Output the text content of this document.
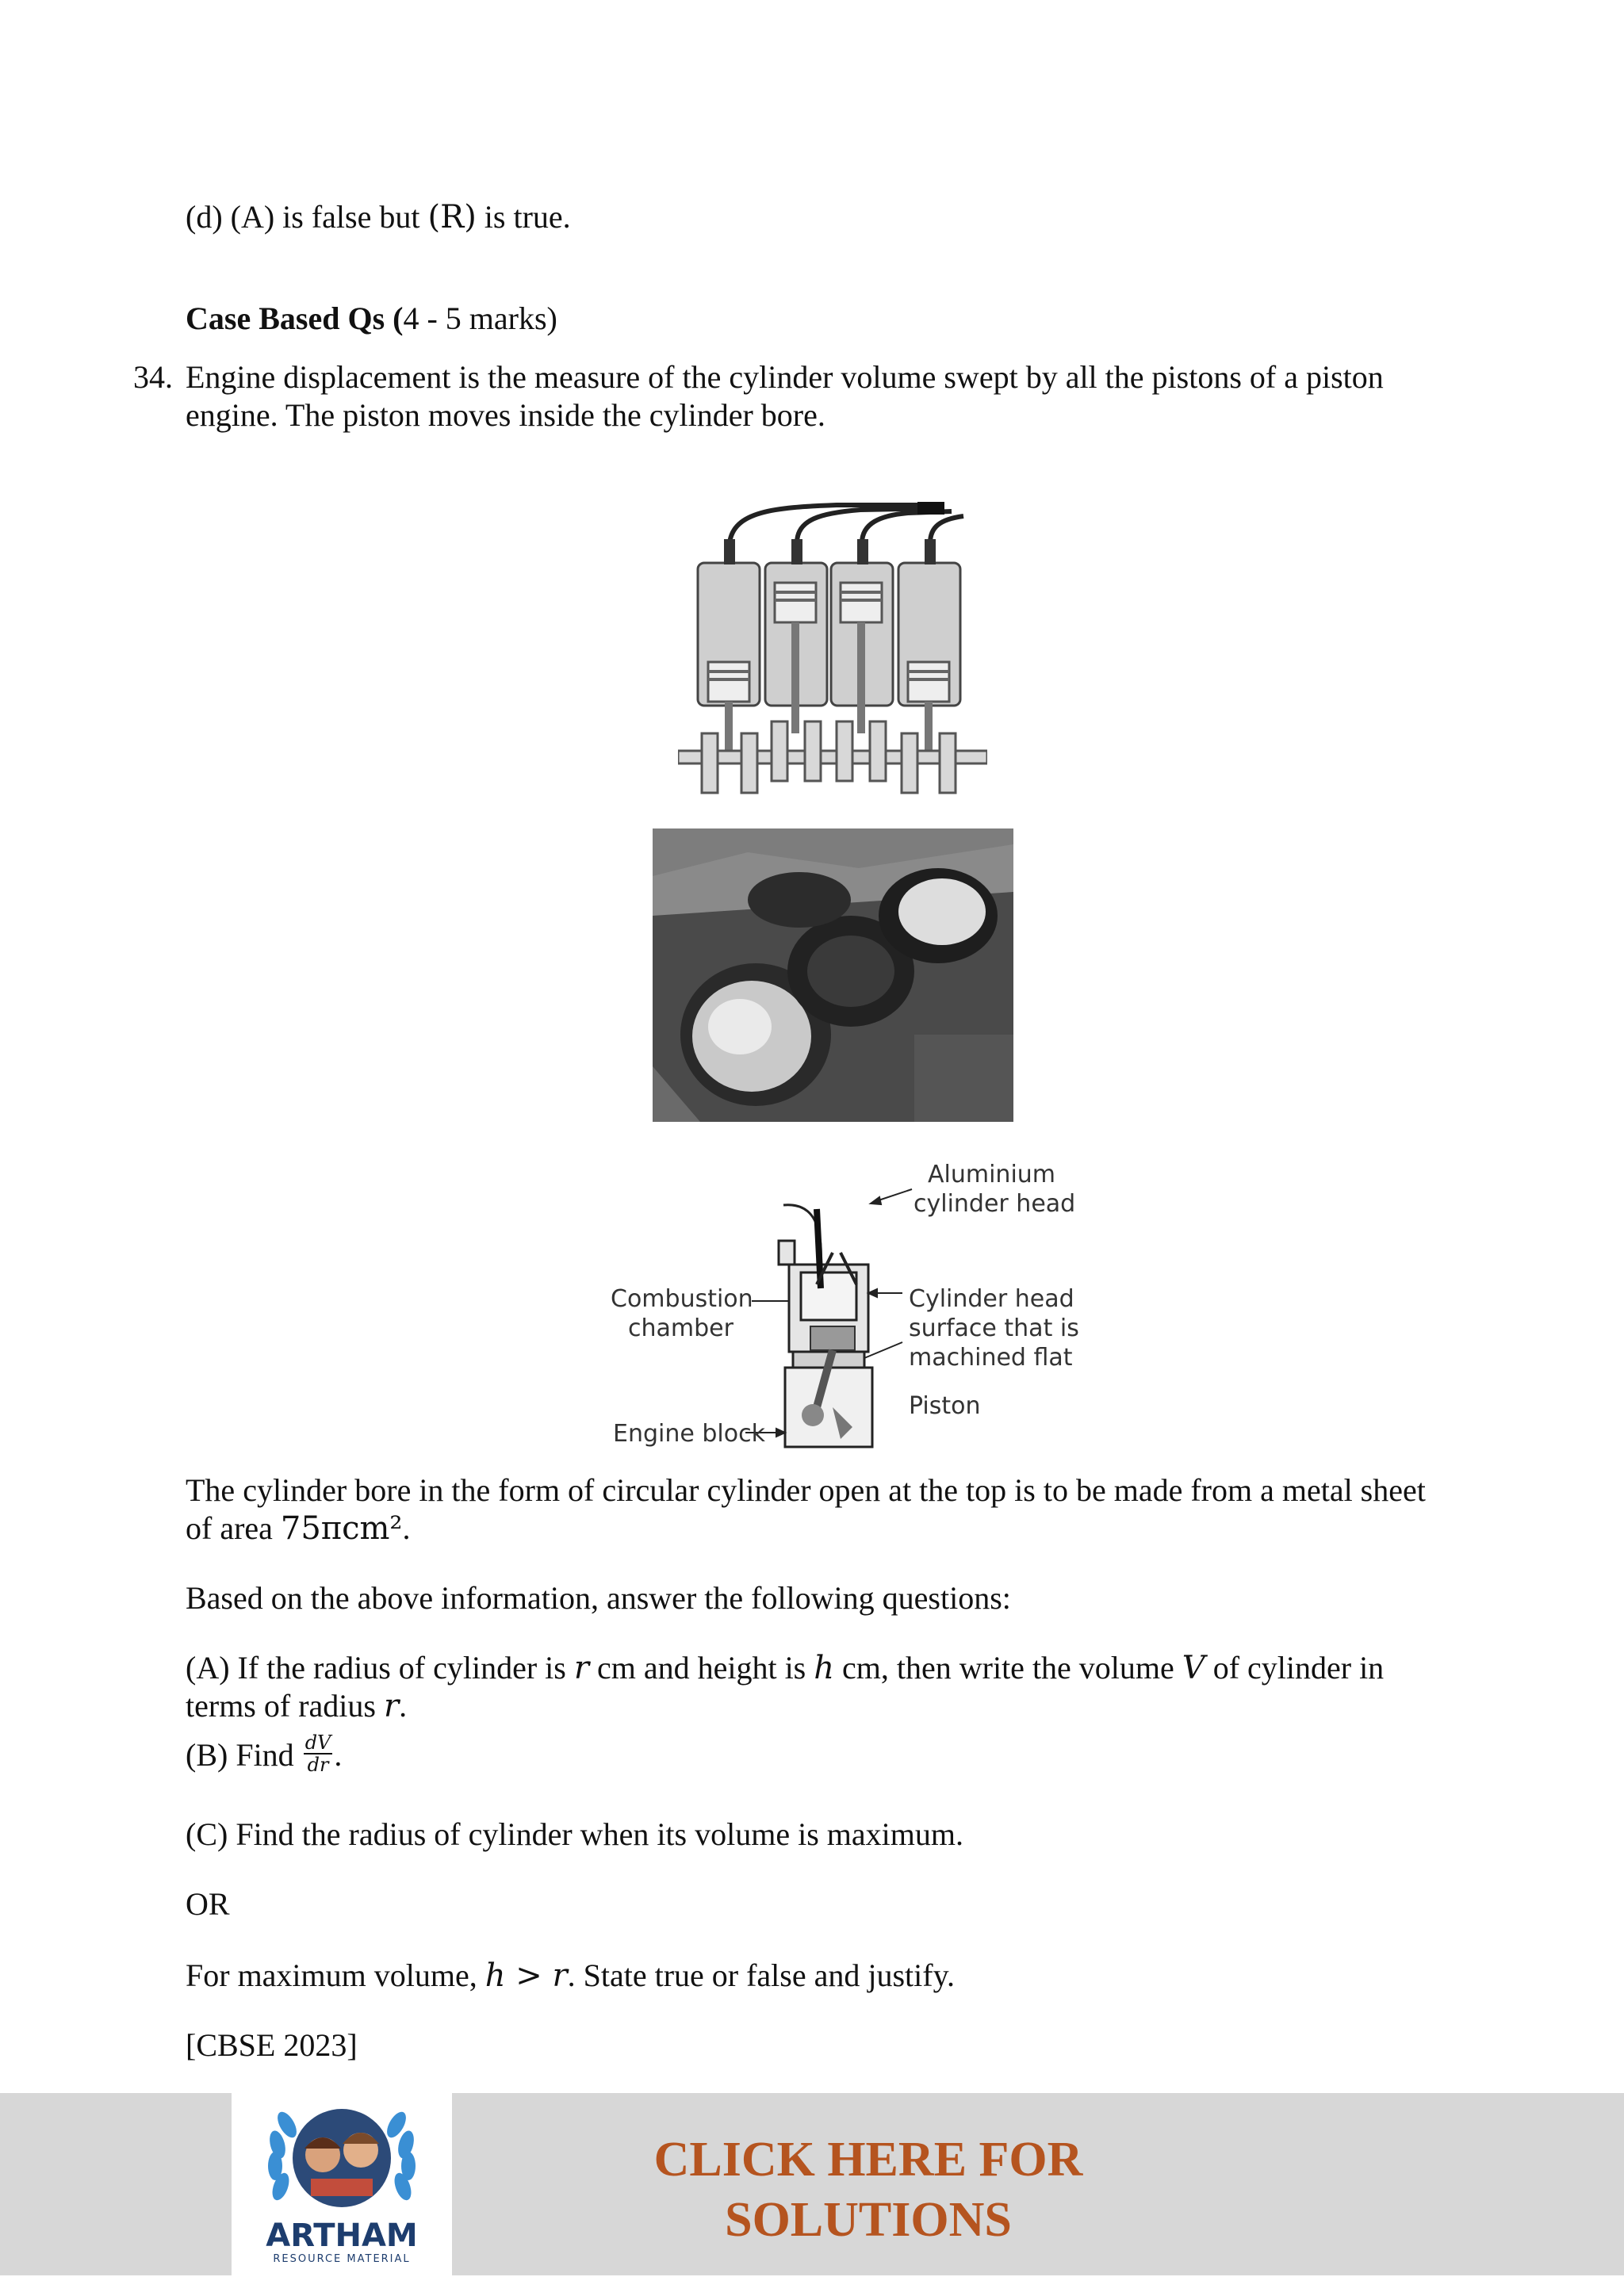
(d) (A) is false but (R) is true.
Case Based Qs (4 - 5 marks)
34. Engine displacement is the measure of the cylinder volume swept by all the pistons of a piston
engine. The piston moves inside the cylinder bore.
Aluminium
cylinder head
Combustion
chamber
Cylinder head
surface that is
machined flat
Piston
Engine block
The cylinder bore in the form of circular cylinder open at the top is to be made from a metal sheet
of area 75πcm².
Based on the above information, answer the following questions:
(A) If the radius of cylinder is r cm and height is h cm, then write the volume V of cylinder in
terms of radius r.
(B) Find $\frac{dV}{dr}$ .
(C) Find the radius of cylinder when its volume is maximum.
OR
For maximum volume, h > r. State true or false and justify.
[CBSE 2023]
ARTHAM
RESOURCE MATERIAL
CLICK HERE FOR
SOLUTIONS
